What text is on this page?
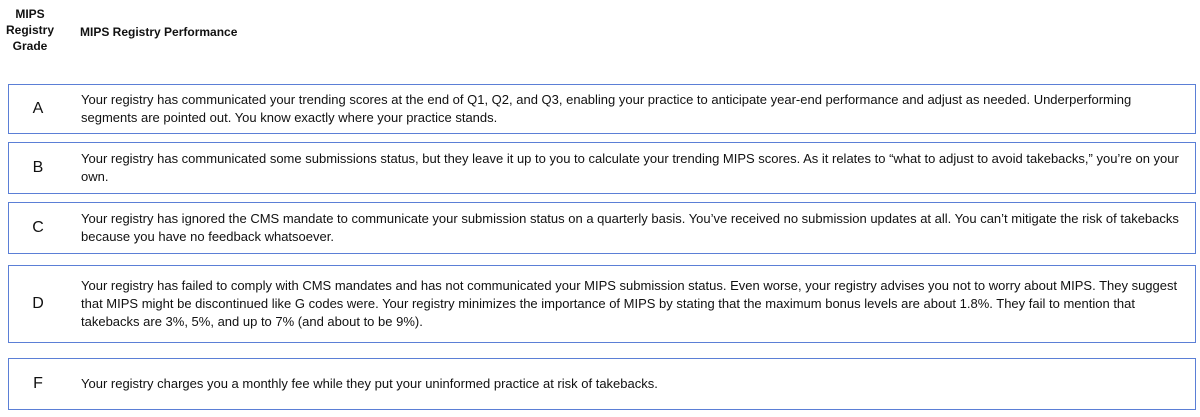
MIPS
Registry
Grade
MIPS Registry Performance
A
Your registry has communicated your trending scores at the end of Q1, Q2, and Q3, enabling your practice to anticipate year-end performance and adjust as needed. Underperforming segments are pointed out. You know exactly where your practice stands.
B
Your registry has communicated some submissions status, but they leave it up to you to calculate your trending MIPS scores. As it relates to “what to adjust to avoid takebacks,” you’re on your own.
C
Your registry has ignored the CMS mandate to communicate your submission status on a quarterly basis. You’ve received no submission updates at all. You can’t mitigate the risk of takebacks because you have no feedback whatsoever.
D
Your registry has failed to comply with CMS mandates and has not communicated your MIPS submission status. Even worse, your registry advises you not to worry about MIPS. They suggest that MIPS might be discontinued like G codes were. Your registry minimizes the importance of MIPS by stating that the maximum bonus levels are about 1.8%. They fail to mention that takebacks are 3%, 5%, and up to 7% (and about to be 9%).
F	Your registry charges you a monthly fee while they put your uninformed practice at risk of takebacks.
